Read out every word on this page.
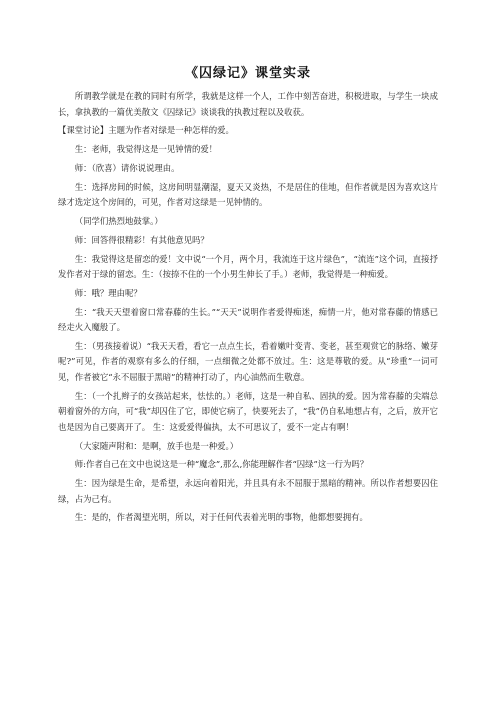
《囚绿记》课堂实录

所谓教学就是在教的同时有所学，我就是这样一个人，工作中刻苦奋进，积极进取，与学生一块成长，拿执教的一篇优美散文《囚绿记》谈谈我的执教过程以及收获。

【课堂讨论】主题为作者对绿是一种怎样的爱。

生：老师，我觉得这是一见钟情的爱！

师：（欣喜）请你说说理由。

生：选择房间的时候，这房间明显潮湿，夏天又炎热，不是居住的佳地，但作者就是因为喜欢这片绿才选定这个房间的，可见，作者对这绿是一见钟情的。

（同学们热烈地鼓掌。）

师：回答得很精彩！有其他意见吗？

生：我觉得这是留恋的爱！文中说“一个月，两个月，我流连于这片绿色”，“流连”这个词，直接抒发作者对于绿的留恋。生：（按捺不住的一个小男生伸长了手。）老师，我觉得是一种痴爱。

师：哦？理由呢？

生：“我天天望着窗口常春藤的生长。”“天天”说明作者爱得痴迷，痴情一片，他对常春藤的情感已经走火入魔般了。

生：（男孩接着说）“我天天看，看它一点点生长，看着嫩叶变青、变老，甚至观赏它的脉络、嫩芽呢?”可见，作者的观察有多么的仔细，一点细微之处都不放过。生：这是尊敬的爱。从“珍重”一词可见，作者被它“永不屈服于黑暗”的精神打动了，内心油然而生敬意。

生：（一个扎辫子的女孩站起来，怯怯的。）老师，这是一种自私、固执的爱。因为常春藤的尖端总朝着窗外的方向，可“我”却囚住了它，即使它病了，快要死去了，“我”仍自私地想占有，之后，放开它也是因为自己要离开了。 生：这爱爱得偏执，太不可思议了，爱不一定占有啊！

（大家随声附和：是啊，放手也是一种爱。）

师:作者自己在文中也说这是一种“魔念”,那么,你能理解作者“囚绿”这一行为吗？

生：因为绿是生命，是希望，永远向着阳光，并且具有永不屈服于黑暗的精神。所以作者想要囚住绿，占为己有。

生：是的，作者渴望光明，所以，对于任何代表着光明的事物，他都想要拥有。
